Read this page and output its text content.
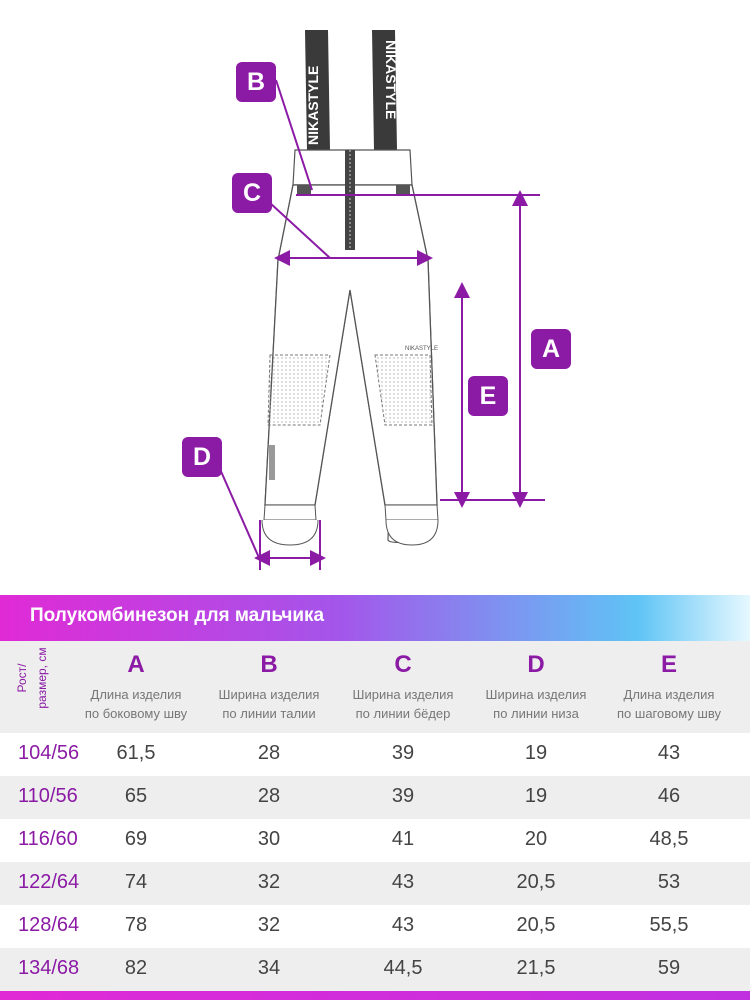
NIKASTYLE	NIKASTYLE
NIKASTYLE
B
C
D
A
E
Полукомбинезон для мальчика
Рост/ размер, см	A
Длина изделия
по боковому шву
B
Ширина изделия
по линии талии
C
Ширина изделия
по линии бёдер
D
Ширина изделия
по линии низа
E
Длина изделия
по шаговому шву
104/56	61,5	28	39	19	43
110/56	65	28	39	19	46
116/60	69	30	41	20	48,5
122/64	74	32	43	20,5	53
128/64	78	32	43	20,5	55,5
134/68	82	34	44,5	21,5	59
